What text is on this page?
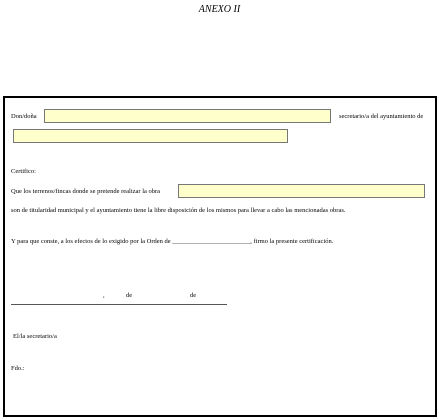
ANEXO II
Don/doña	secretario/a del ayuntamiento de
Certifico:
Que los terrenos/fincas donde se pretende realizar la obra
son de titularidad municipal y el ayuntamiento tiene la libre disposición de los mismos para llevar a cabo las mencionadas obras.
Y para que conste, a los efectos de lo exigido por la Orden de ________________________, firmo la presente certificación.
,	de	de
El/la secretario/a
Fdo.:
